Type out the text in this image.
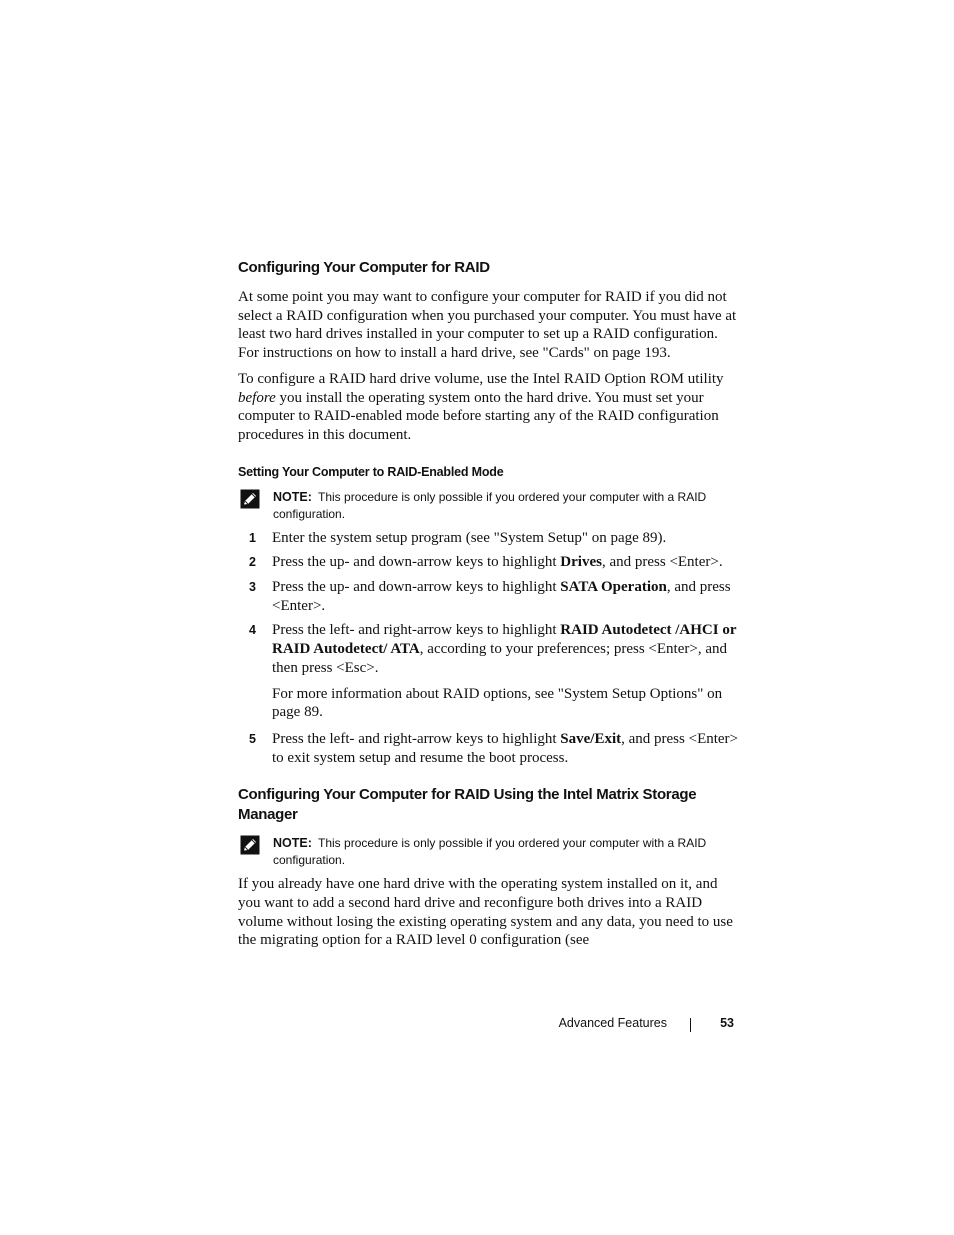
Configuring Your Computer for RAID

At some point you may want to configure your computer for RAID if you did not select a RAID configuration when you purchased your computer. You must have at least two hard drives installed in your computer to set up a RAID configuration. For instructions on how to install a hard drive, see "Cards" on page 193.

To configure a RAID hard drive volume, use the Intel RAID Option ROM utility before you install the operating system onto the hard drive. You must set your computer to RAID-enabled mode before starting any of the RAID configuration procedures in this document.

Setting Your Computer to RAID-Enabled Mode
NOTE: This procedure is only possible if you ordered your computer with a RAID configuration.
1 Enter the system setup program (see "System Setup" on page 89).
2 Press the up- and down-arrow keys to highlight Drives, and press <Enter>.
3 Press the up- and down-arrow keys to highlight SATA Operation, and press <Enter>.
4 Press the left- and right-arrow keys to highlight RAID Autodetect /AHCI or RAID Autodetect/ ATA, according to your preferences; press <Enter>, and then press <Esc>.
For more information about RAID options, see "System Setup Options" on page 89.
5 Press the left- and right-arrow keys to highlight Save/Exit, and press <Enter> to exit system setup and resume the boot process.
Configuring Your Computer for RAID Using the Intel Matrix Storage Manager
NOTE: This procedure is only possible if you ordered your computer with a RAID configuration.

If you already have one hard drive with the operating system installed on it, and you want to add a second hard drive and reconfigure both drives into a RAID volume without losing the existing operating system and any data, you need to use the migrating option for a RAID level 0 configuration (see

Advanced Features	53
